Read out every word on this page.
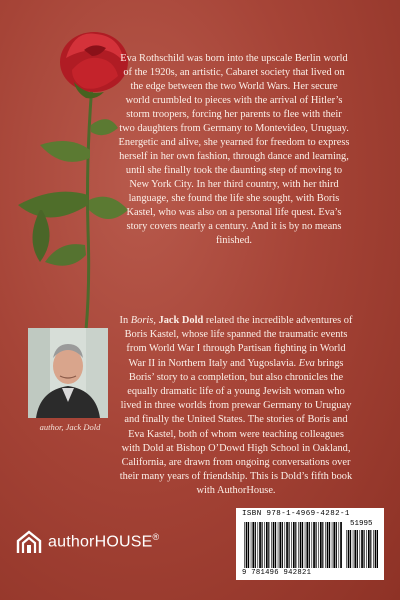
Eva Rothschild was born into the upscale Berlin world of the 1920s, an artistic, Cabaret society that lived on the edge between the two World Wars. Her secure world crumbled to pieces with the arrival of Hitler’s storm troopers, forcing her parents to flee with their two daughters from Germany to Montevideo, Uruguay. Energetic and alive, she yearned for freedom to express herself in her own fashion, through dance and learning, until she finally took the daunting step of moving to New York City. In her third country, with her third language, she found the life she sought, with Boris Kastel, who was also on a personal life quest. Eva’s story covers nearly a century. And it is by no means finished.

author, Jack Dold

In Boris, Jack Dold related the incredible adventures of Boris Kastel, whose life spanned the traumatic events from World War I through Partisan fighting in World War II in Northern Italy and Yugoslavia. Eva brings Boris’ story to a completion, but also chronicles the equally dramatic life of a young Jewish woman who lived in three worlds from prewar Germany to Uruguay and finally the United States. The stories of Boris and Eva Kastel, both of whom were teaching colleagues with Dold at Bishop O’Dowd High School in Oakland, California, are drawn from ongoing conversations over their many years of friendship. This is Dold’s fifth book with AuthorHouse.

authorHOUSE®
ISBN 978-1-4969-4282-1
51995
9 781496 942821
